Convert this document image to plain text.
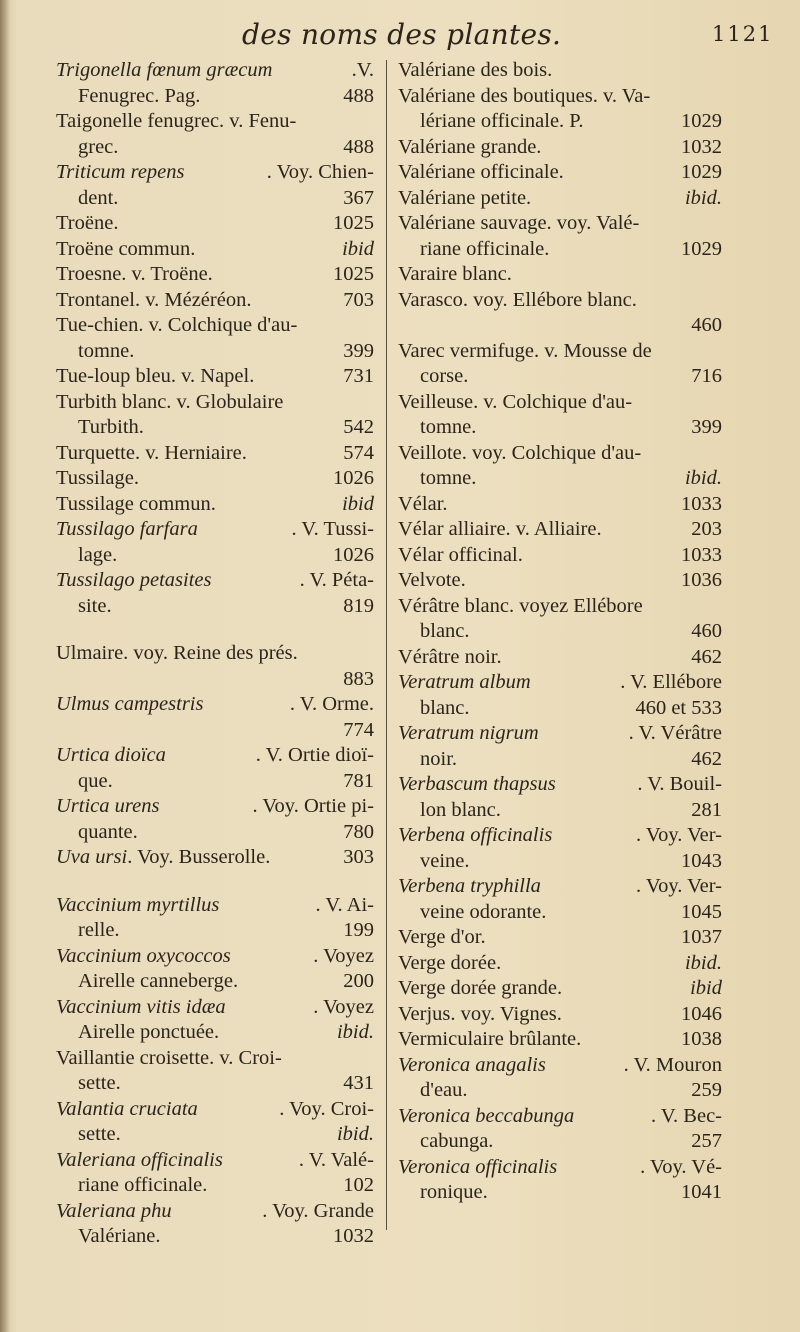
des noms des plantes.	1121
Trigonella fœnum græcum	.V.
Fenugrec. Pag.	488
Taigonelle fenugrec. v. Fenu-
grec.	488
Triticum repens	. Voy. Chien-
dent.	367
Troëne.	1025
Troëne commun.	ibid
Troesne. v. Troëne.	1025
Trontanel. v. Mézéréon.	703
Tue-chien. v. Colchique d'au-
tomne.	399
Tue-loup bleu. v. Napel.	731
Turbith blanc. v. Globulaire
Turbith.	542
Turquette. v. Herniaire.	574
Tussilage.	1026
Tussilage commun.	ibid
Tussilago farfara	. V. Tussi-
lage.	1026
Tussilago petasites	. V. Péta-
site.	819
Ulmaire. voy. Reine des prés.
883
Ulmus campestris	. V. Orme.
774
Urtica dioïca	. V. Ortie dioï-
que.	781
Urtica urens	. Voy. Ortie pi-
quante.	780
Uva ursi. Voy. Busserolle.	303
Vaccinium myrtillus	. V. Ai-
relle.	199
Vaccinium oxycoccos	. Voyez
Airelle canneberge.	200
Vaccinium vitis idæa	. Voyez
Airelle ponctuée.	ibid.
Vaillantie croisette. v. Croi-
sette.	431
Valantia cruciata	. Voy. Croi-
sette.	ibid.
Valeriana officinalis	. V. Valé-
riane officinale.	102
Valeriana phu	. Voy. Grande
Valériane.	1032
Valériane des bois.
Valériane des boutiques. v. Va-
lériane officinale. P.	1029
Valériane grande.	1032
Valériane officinale.	1029
Valériane petite.	ibid.
Valériane sauvage. voy. Valé-
riane officinale.	1029
Varaire blanc.
Varasco. voy. Ellébore blanc.
460
Varec vermifuge. v. Mousse de
corse.	716
Veilleuse. v. Colchique d'au-
tomne.	399
Veillote. voy. Colchique d'au-
tomne.	ibid.
Vélar.	1033
Vélar alliaire. v. Alliaire.	203
Vélar officinal.	1033
Velvote.	1036
Vérâtre blanc. voyez Ellébore
blanc.	460
Vérâtre noir.	462
Veratrum album	. V. Ellébore
blanc.	460 et 533
Veratrum nigrum	. V. Vérâtre
noir.	462
Verbascum thapsus	. V. Bouil-
lon blanc.	281
Verbena officinalis	. Voy. Ver-
veine.	1043
Verbena tryphilla	. Voy. Ver-
veine odorante.	1045
Verge d'or.	1037
Verge dorée.	ibid.
Verge dorée grande.	ibid
Verjus. voy. Vignes.	1046
Vermiculaire brûlante.	1038
Veronica anagalis	. V. Mouron
d'eau.	259
Veronica beccabunga	. V. Bec-
cabunga.	257
Veronica officinalis	. Voy. Vé-
ronique.	1041
